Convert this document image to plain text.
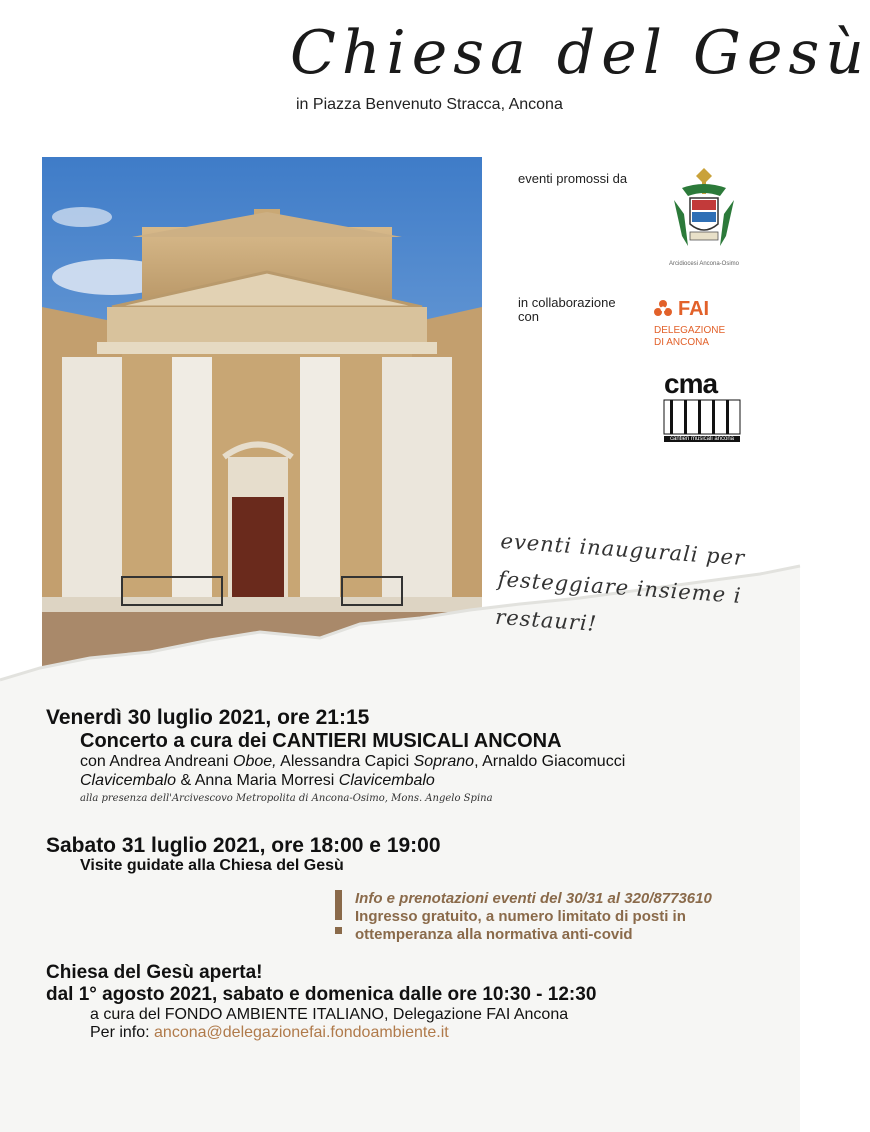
Chiesa del Gesù
in Piazza Benvenuto Stracca, Ancona
eventi promossi da
Arcidiocesi Ancona-Osimo
in collaborazione
con	FAI
DELEGAZIONE
DI ANCONA
cma
cantieri musicali ancona
eventi inaugurali per festeggiare insieme i restauri!
Venerdì 30 luglio 2021, ore 21:15
Concerto a cura dei CANTIERI MUSICALI ANCONA
con Andrea Andreani Oboe, Alessandra Capici Soprano, Arnaldo Giacomucci
Clavicembalo & Anna Maria Morresi Clavicembalo
alla presenza dell'Arcivescovo Metropolita di Ancona-Osimo, Mons. Angelo Spina
Sabato 31 luglio 2021, ore 18:00 e 19:00
Visite guidate alla Chiesa del Gesù
Info e prenotazioni eventi del 30/31 al 320/8773610
Ingresso gratuito, a numero limitato di posti in
ottemperanza alla normativa anti-covid
Chiesa del Gesù aperta!
dal 1° agosto 2021, sabato e domenica dalle ore 10:30 - 12:30
a cura del FONDO AMBIENTE ITALIANO, Delegazione FAI Ancona
Per info: ancona@delegazionefai.fondoambiente.it
